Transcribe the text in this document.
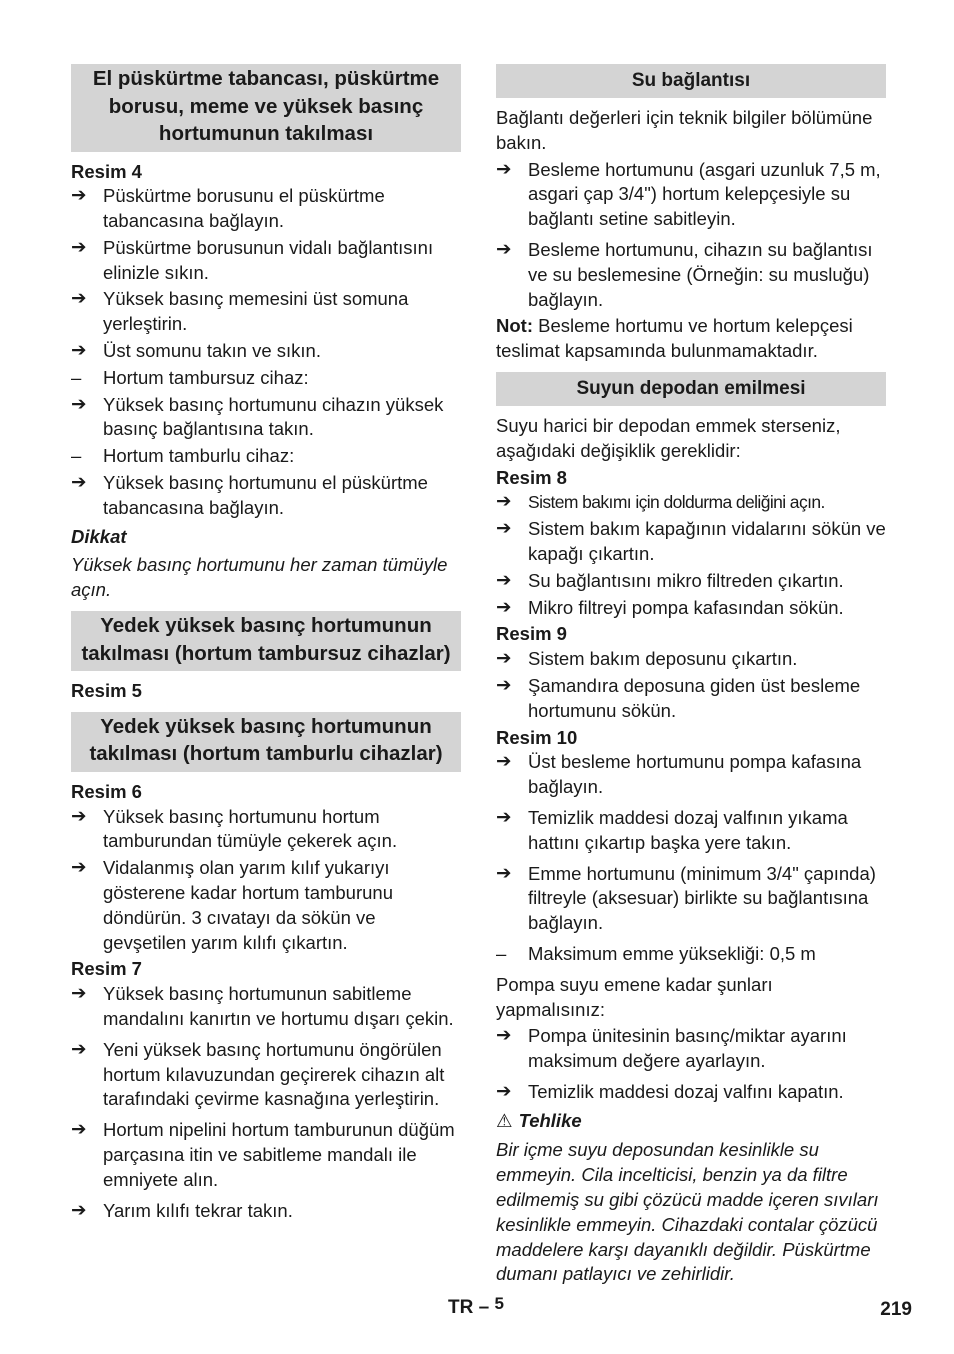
El püskürtme tabancası, püskürtme borusu, meme ve yüksek basınç hortumunun takılması
Resim 4
➔ Püskürtme borusunu el püskürtme tabancasına bağlayın.
➔ Püskürtme borusunun vidalı bağlantısını elinizle sıkın.
➔ Yüksek basınç memesini üst somuna yerleştirin.
➔ Üst somunu takın ve sıkın.
–	Hortum tambursuz cihaz:
➔ Yüksek basınç hortumunu cihazın yüksek basınç bağlantısına takın.
–	Hortum tamburlu cihaz:
➔ Yüksek basınç hortumunu el püskürtme tabancasına bağlayın.
Dikkat
Yüksek basınç hortumunu her zaman tümüyle açın.
Yedek yüksek basınç hortumunun takılması (hortum tambursuz cihazlar)
Resim 5
Yedek yüksek basınç hortumunun takılması (hortum tamburlu cihazlar)
Resim 6
➔ Yüksek basınç hortumunu hortum tamburundan tümüyle çekerek açın.
➔ Vidalanmış olan yarım kılıf yukarıyı gösterene kadar hortum tamburunu döndürün. 3 cıvatayı da sökün ve gevşetilen yarım kılıfı çıkartın.
Resim 7
➔ Yüksek basınç hortumunun sabitleme mandalını kanırtın ve hortumu dışarı çekin.
➔ Yeni yüksek basınç hortumunu öngörülen hortum kılavuzundan geçirerek cihazın alt tarafındaki çevirme kasnağına yerleştirin.
➔ Hortum nipelini hortum tamburunun düğüm parçasına itin ve sabitleme mandalı ile emniyete alın.
➔ Yarım kılıfı tekrar takın.
Su bağlantısı
Bağlantı değerleri için teknik bilgiler bölümüne bakın.
➔ Besleme hortumunu (asgari uzunluk 7,5 m, asgari çap 3/4") hortum kelepçesiyle su bağlantı setine sabitleyin.
➔ Besleme hortumunu, cihazın su bağlantısı ve su beslemesine (Örneğin: su musluğu) bağlayın.
Not: Besleme hortumu ve hortum kelepçesi teslimat kapsamında bulunmamaktadır.
Suyun depodan emilmesi
Suyu harici bir depodan emmek sterseniz, aşağıdaki değişiklik gereklidir:
Resim 8
➔ Sistem bakımı için doldurma deliğini açın.
➔ Sistem bakım kapağının vidalarını sökün ve kapağı çıkartın.
➔ Su bağlantısını mikro filtreden çıkartın.
➔ Mikro filtreyi pompa kafasından sökün.
Resim 9
➔ Sistem bakım deposunu çıkartın.
➔ Şamandıra deposuna giden üst besleme hortumunu sökün.
Resim 10
➔ Üst besleme hortumunu pompa kafasına bağlayın.
➔ Temizlik maddesi dozaj valfının yıkama hattını çıkartıp başka yere takın.
➔ Emme hortumunu (minimum 3/4" çapında) filtreyle (aksesuar) birlikte su bağlantısına bağlayın.
–	Maksimum emme yüksekliği: 0,5 m
Pompa suyu emene kadar şunları yapmalısınız:
➔ Pompa ünitesinin basınç/miktar ayarını maksimum değere ayarlayın.
➔ Temizlik maddesi dozaj valfını kapatın.
⚠ Tehlike
Bir içme suyu deposundan kesinlikle su emmeyin. Cila incelticisi, benzin ya da filtre edilmemiş su gibi çözücü madde içeren sıvıları kesinlikle emmeyin. Cihazdaki contalar çözücü maddelere karşı dayanıklı değildir. Püskürtme dumanı patlayıcı ve zehirlidir.
TR – 5	219
